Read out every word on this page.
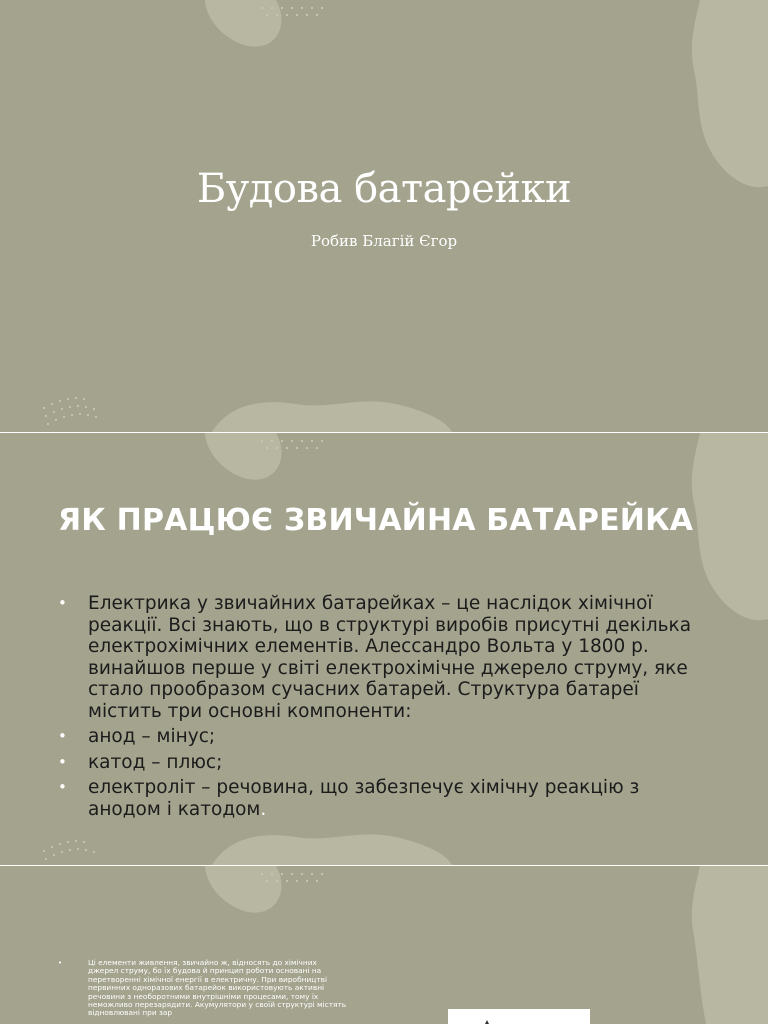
Будова батарейки
Робив Благій Єгор
ЯК ПРАЦЮЄ ЗВИЧАЙНА БАТАРЕЙКА
• Електрика у звичайних батарейках – це наслідок хімічної реакції. Всі знають, що в структурі виробів присутні декілька електрохімічних елементів. Алессандро Вольта у 1800 р. винайшов перше у світі електрохімічне джерело струму, яке стало прообразом сучасних батарей. Структура батареї містить три основні компоненти:
• анод – мінус;
• катод – плюс;
• електроліт – речовина, що забезпечує хімічну реакцію з анодом і катодом.
• Ці елементи живлення, звичайно ж, відносять до хімічних джерел струму, бо їх будова й принцип роботи основані на перетворенні хімічної енергії в електричну. При виробництві первинних одноразових батарейок використовують активні речовини з необоротними внутрішніми процесами, тому їх неможливо перезарядити. Акумулятори у своїй структурі містять відновлювані при зар
